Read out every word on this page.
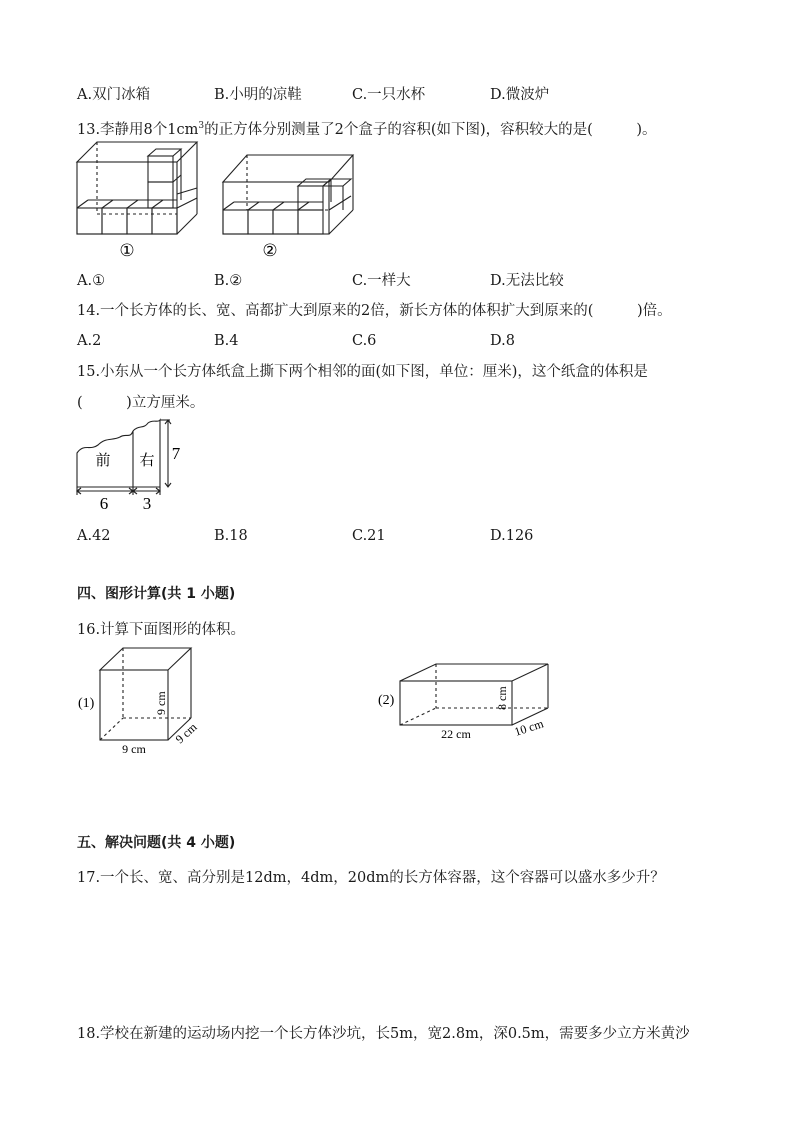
A.双门冰箱	B.小明的凉鞋	C.一只水杯	D.微波炉
13.李静用8个$1cm^3$的正方体分别测量了2个盒子的容积(如下图)，容积较大的是(　　　)。
①	②
A.①	B.②	C.一样大	D.无法比较
14.一个长方体的长、宽、高都扩大到原来的2倍，新长方体的体积扩大到原来的(　　　)倍。
A.2	B.4	C.6	D.8
15.小东从一个长方体纸盒上撕下两个相邻的面(如下图，单位：厘米)，这个纸盒的体积是
(　　　)立方厘米。
前 右
6 3
7
A.42	B.18	C.21	D.126
四、图形计算(共 1 小题)
16.计算下面图形的体积。
(1)
9 cm
9 cm
9 cm
(2)
22 cm
8 cm
10 cm
五、解决问题(共 4 小题)
17.一个长、宽、高分别是12dm，4dm，20dm的长方体容器，这个容器可以盛水多少升？
18.学校在新建的运动场内挖一个长方体沙坑，长5m，宽2.8m，深0.5m，需要多少立方米黄沙
